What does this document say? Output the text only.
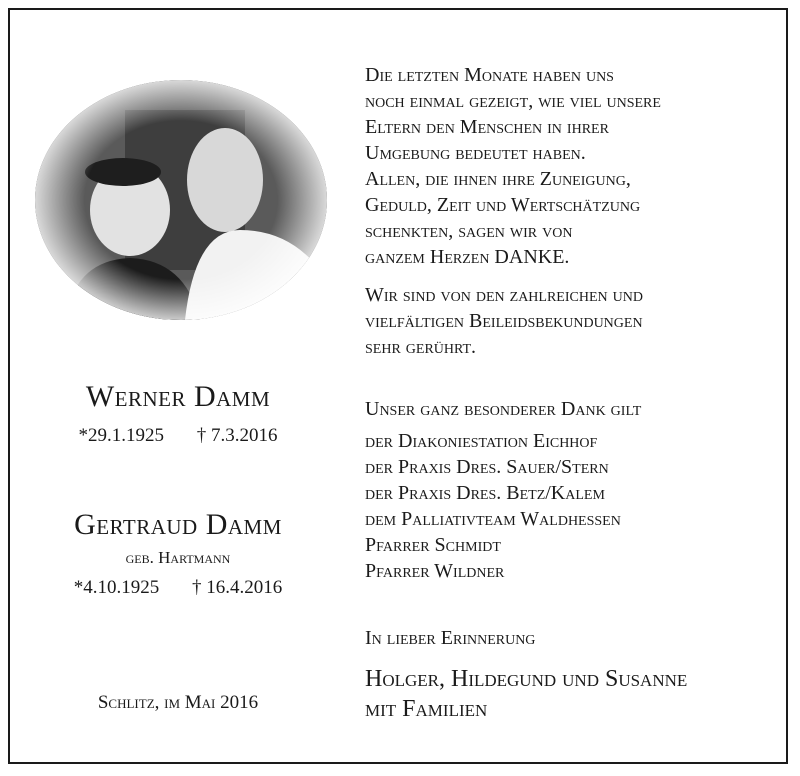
Werner Damm
*29.1.1925 † 7.3.2016
Gertraud Damm
geb. Hartmann
*4.10.1925 † 16.4.2016
Schlitz, im Mai 2016
Die letzten Monate haben uns
noch einmal gezeigt, wie viel unsere
Eltern den Menschen in ihrer
Umgebung bedeutet haben.
Allen, die ihnen ihre Zuneigung,
Geduld, Zeit und Wertschätzung
schenkten, sagen wir von
ganzem Herzen DANKE.
Wir sind von den zahlreichen und
vielfältigen Beileidsbekundungen
sehr gerührt.
Unser ganz besonderer Dank gilt
der Diakoniestation Eichhof
der Praxis Dres. Sauer/Stern
der Praxis Dres. Betz/Kalem
dem Palliativteam Waldhessen
Pfarrer Schmidt
Pfarrer Wildner
In lieber Erinnerung
Holger, Hildegund und Susanne
mit Familien
